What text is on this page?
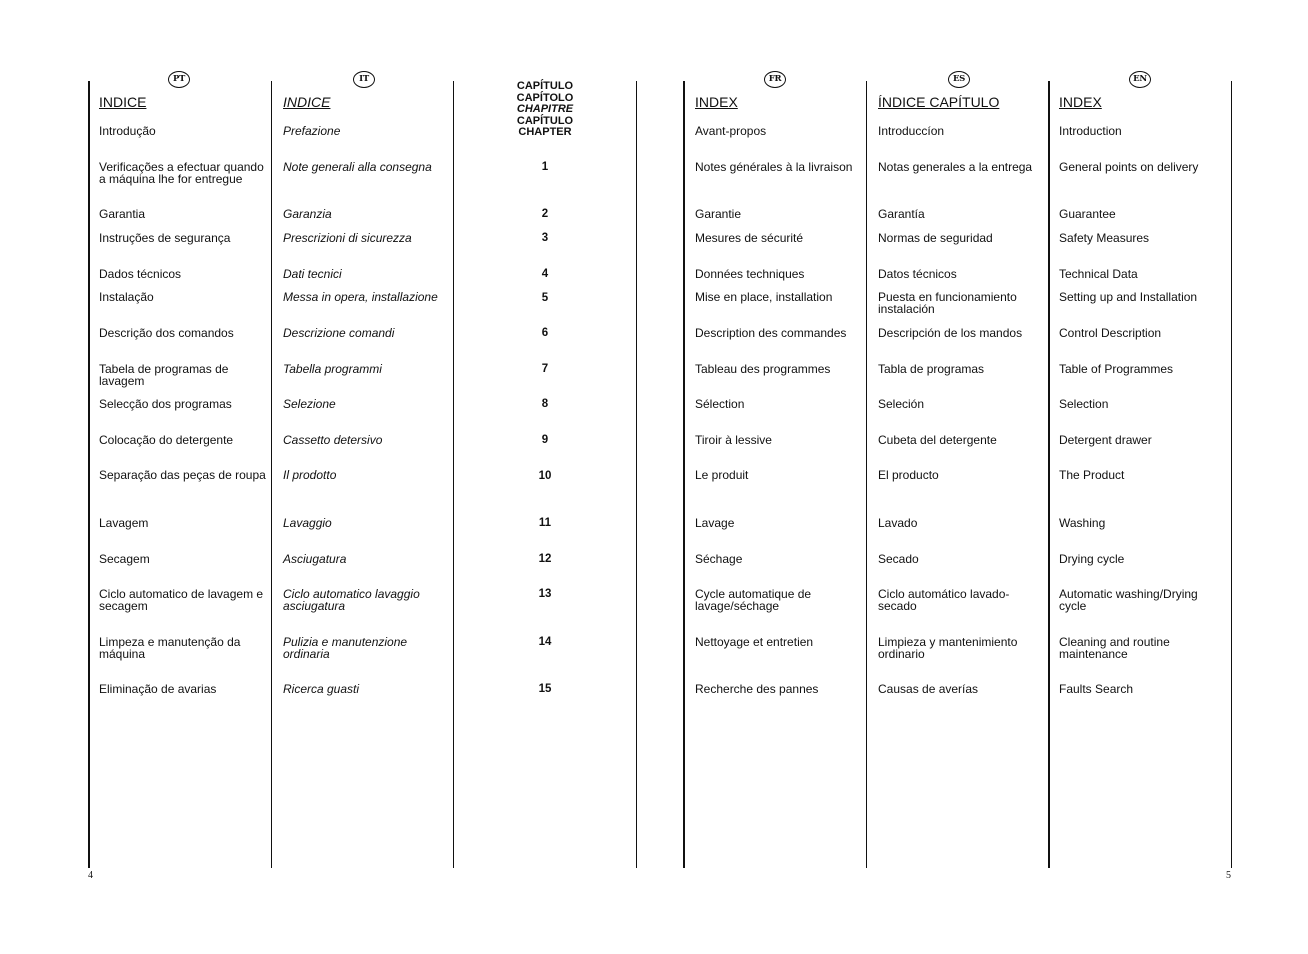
PT
INDICE
Introdução
Verificações a efectuar quando a máquina lhe for entregue
Garantia
Instruções de segurança
Dados técnicos
Instalação
Descrição dos comandos
Tabela de programas de lavagem
Selecção dos programas
Colocação do detergente
Separação das peças de roupa
Lavagem
Secagem
Ciclo automatico de lavagem e secagem
Limpeza e manutenção da máquina
Eliminação de avarias
IT
INDICE
Prefazione
Note generali alla consegna
Garanzia
Prescrizioni di sicurezza
Dati tecnici
Messa in opera, installazione
Descrizione comandi
Tabella programmi
Selezione
Cassetto detersivo
Il prodotto
Lavaggio
Asciugatura
Ciclo automatico lavaggio asciugatura
Pulizia e manutenzione ordinaria
Ricerca guasti
CAPÍTULO
CAPÍTOLO
CHAPITRE
CAPÍTULO
CHAPTER
1
2
3
4
5
6
7
8
9
10
11
12
13
14
15
FR
INDEX
Avant-propos
Notes générales à la livraison
Garantie
Mesures de sécurité
Données techniques
Mise en place, installation
Description des commandes
Tableau des programmes
Sélection
Tiroir à lessive
Le produit
Lavage
Séchage
Cycle automatique de lavage/séchage
Nettoyage et entretien
Recherche des pannes
ES
ÍNDICE CAPÍTULO
Introduccíon
Notas generales a la entrega
Garantía
Normas de seguridad
Datos técnicos
Puesta en funcionamiento instalación
Descripción de los mandos
Tabla de programas
Seleción
Cubeta del detergente
El producto
Lavado
Secado
Ciclo automático lavado-secado
Limpieza y mantenimiento ordinario
Causas de averías
EN
INDEX
Introduction
General points on delivery
Guarantee
Safety Measures
Technical Data
Setting up and Installation
Control Description
Table of Programmes
Selection
Detergent drawer
The Product
Washing
Drying cycle
Automatic washing/Drying cycle
Cleaning and routine maintenance
Faults Search
4	5
